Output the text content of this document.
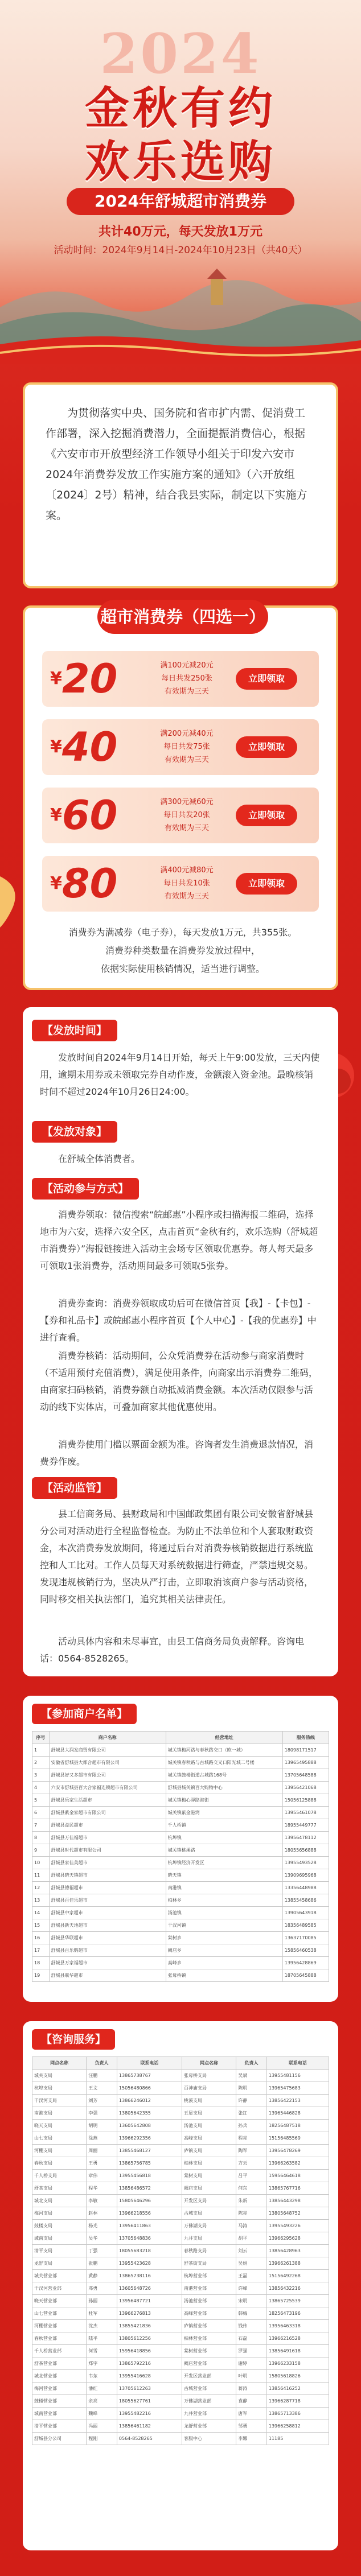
2024
金秋有约
欢乐选购
2024年舒城超市消费券
共计40万元，每天发放1万元
活动时间：2024年9月14日-2024年10月23日（共40天）

为贯彻落实中央、国务院和省市扩内需、促消费工作部署，深入挖掘消费潜力，全面提振消费信心，根据《六安市市开放型经济工作领导小组关于印发六安市2024年消费券发放工作实施方案的通知》（六开放组〔2024〕2号）精神，结合我县实际，制定以下实施方案。

超市消费券（四选一）
¥20	满100元减20元
每日共发250张
有效期为三天
立即领取
¥40	满200元减40元
每日共发75张
有效期为三天
立即领取
¥60	满300元减60元
每日共发20张
有效期为三天
立即领取
¥80	满400元减80元
每日共发10张
有效期为三天
立即领取
消费券为满减券（电子券），每天发放1万元，共355张。
消费券种类数量在消费券发放过程中，
依据实际使用核销情况，适当进行调整。
【发放时间】
发放时间自2024年9月14日开始，每天上午9:00发放，三天内使用，逾期未用券或未领取完券自动作废，金额滚入资金池。最晚核销时间不超过2024年10月26日24:00。
【发放对象】
在舒城全体消费者。
【活动参与方式】
消费券领取：微信搜索“皖邮惠”小程序或扫描海报二维码，选择地市为六安，选择六安全区，点击首页“金秋有约，欢乐选购（舒城超市消费券）”海报链接进入活动主会场专区领取优惠券。每人每天最多可领取1张消费券，活动期间最多可领取5张券。
消费券查询：消费券领取成功后可在微信首页【我】-【卡包】-【券和礼品卡】或皖邮惠小程序首页【个人中心】-【我的优惠券】中进行查看。
消费券核销：活动期间，公众凭消费券在活动参与商家消费时（不适用预付充值消费），满足使用条件，向商家出示消费券二维码，由商家扫码核销，消费券额自动抵减消费金额。本次活动仅限参与活动的线下实体店，可叠加商家其他优惠使用。
消费券使用门槛以票面金额为准。咨询者发生消费退款情况，消费券作废。
【活动监管】
县工信商务局、县财政局和中国邮政集团有限公司安徽省舒城县分公司对活动进行全程监督检查。为防止不法单位和个人套取财政资金，本次消费券发放期间，将通过后台对消费券核销数据进行系统监控和人工比对。工作人员每天对系统数据进行筛查，严禁违规交易。发现违规核销行为，坚决从严打击，立即取消该商户参与活动资格，同时移交相关执法部门，追究其相关法律责任。
活动具体内容和未尽事宜，由县工信商务局负责解释。咨询电话：0564-8528265。
【参加商户名单】
序号	商户名称	经营地址	服务热线
1	舒城县大润发商贸有限公司	城关镇梅河路与春秋路交口（欧一城）	18098171517
2	安徽省舒城县大都合超市有限公司	城关镇春秋路与古城路交叉口阳光城二号楼	13965495888
3	舒城县好又多超市有限公司	城关镇鼓楼街道古城路168号	13705648588
4	六安市舒城县百大合家福连锁超市有限公司	舒城县城关镇百大购物中心	13956421068
5	舒城县乐家生活超市	城关镇梅心驿路港街	15056125888
6	舒城县紫金家超市有限公司	城关镇紫金港湾	13955461078
7	舒城县益民超市	千人桥镇	18955449777
8	舒城县万佳福超市	杭埠镇	13956478112
9	舒城县时代超市有限公司	城关镇桃溪路	18055656888
10	舒城县家佳美超市	杭埠镇经济开发区	13955493528
11	舒城县晓天镇超市	晓天镇	13909695968
12	舒城县德福超市	南港镇	13356448988
13	舒城县百佳乐超市	柏林乡	13855458686
14	舒城县中家超市	汤池镇	13905643918
15	舒城县新天地超市	干汊河镇	18356489585
16	舒城县华联超市	棠树乡	13637170085
17	舒城县百乐购超市	阙店乡	15856460538
18	舒城县万家福超市	高峰乡	13956428869
19	舒城县联华超市	张母桥镇	18705645888
【咨询服务】
网点名称	负责人	联系电话	网点名称	负责人	联系电话
城关支局	汪鹏	13865738767	张母桥支局	吴斌	13955481156
杭埠支局	王文	15056480866	百神庙支局	陈明	13965475683
干汊河支局	刘芳	13866246012	桃溪支局	许静	13856422153
南港支局	李强	13805642355	五显支局	张红	13965446828
晓天支局	胡明	13605642808	汤池支局	孙兵	18256487518
山七支局	徐燕	13966292356	高峰支局	程亮	15156485569
河棚支局	周丽	13855468127	庐镇支局	陶军	13956478269
春秋支局	王勇	13865756785	柏林支局	方云	13966263582
千人桥支局	章伟	13955456818	棠树支局	吕平	15956464618
舒茶支局	程华	13856486572	阙店支局	何东	13865767716
城北支局	李敏	15805646296	开发区支局	朱新	13856443298
梅河支局	赵林	13966218556	古城支局	陈亮	13805648752
鼓楼支局	杨光	13956411863	万佛湖支局	马涛	13955493226
城南支局	吴华	13705648836	九井支局	胡平	13966295628
清平支局	丁强	18055683218	春秋路支局	刘云	13856428963
龙舒支局	张鹏	13955423628	舒茶街支局	吴娟	13966261388
城关营业部	黄静	13865738116	杭埠营业部	王磊	15156492268
干汊河营业部	邓勇	13605648726	南港营业部	许峰	13856432216
晓天营业部	孙丽	13956487721	汤池营业部	宋明	13865725539
山七营业部	杜军	13966276813	高峰营业部	韩梅	18256473196
河棚营业部	沈杰	13855421836	庐镇营业部	钱伟	13956463318
春秋营业部	陆平	13805612256	柏林营业部	石磊	13966216528
千人桥营业部	何雪	15956418856	棠树营业部	罗强	13856491618
舒茶营业部	郑宇	13865792216	阙店营业部	谢婷	13966233158
城北营业部	韦东	13955416628	开发区营业部	叶明	15805618826
梅河营业部	潘红	13705612263	古城营业部	蒋涛	13856416252
鼓楼营业部	余亮	18055627761	万佛湖营业部	袁静	13966287718
城南营业部	魏峰	13955482216	九井营业部	唐军	13865713386
清平营业部	冯丽	13856461182	龙舒营业部	邹勇	13966258812
舒城县分公司	程刚	0564-8528265	客服中心	李娜	11185
